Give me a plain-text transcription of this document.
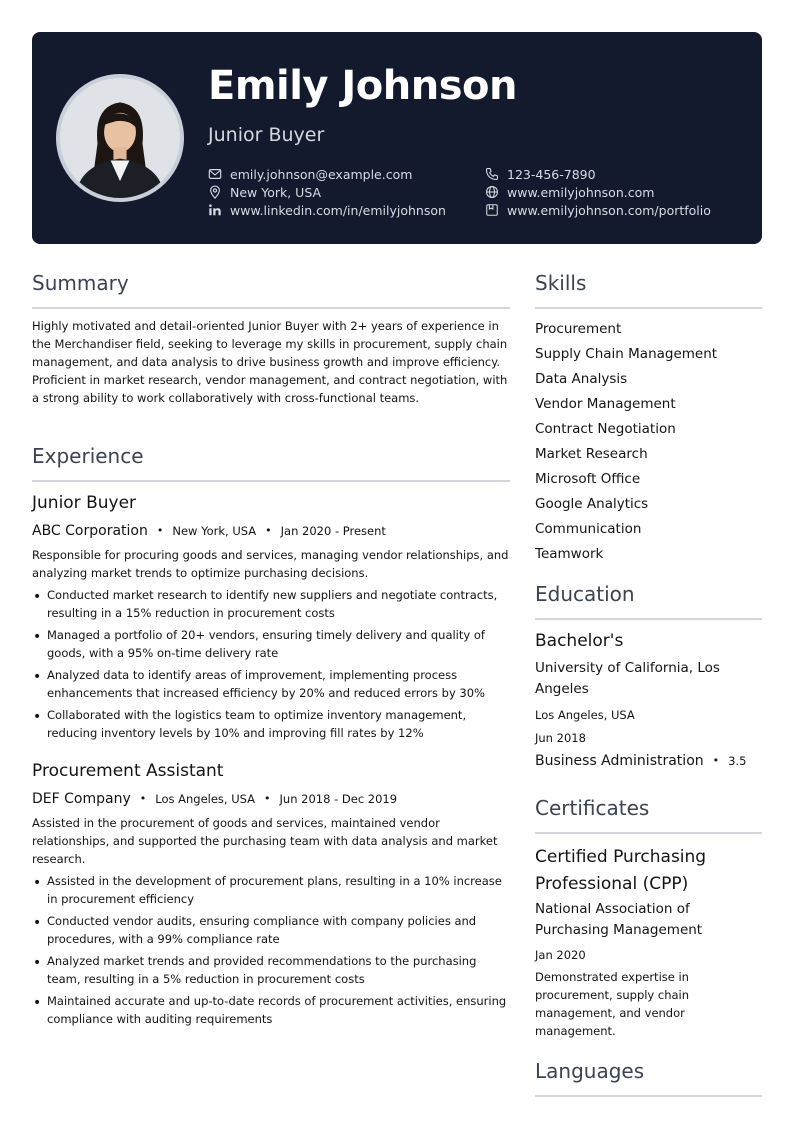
Emily Johnson
Junior Buyer
emily.johnson@example.com
New York, USA
www.linkedin.com/in/emilyjohnson
123-456-7890
www.emilyjohnson.com
www.emilyjohnson.com/portfolio
Summary
Highly motivated and detail-oriented Junior Buyer with 2+ years of experience in the Merchandiser field, seeking to leverage my skills in procurement, supply chain management, and data analysis to drive business growth and improve efficiency. Proficient in market research, vendor management, and contract negotiation, with a strong ability to work collaboratively with cross-functional teams.
Experience
Junior Buyer
ABC Corporation • New York, USA • Jan 2020 - Present
Responsible for procuring goods and services, managing vendor relationships, and analyzing market trends to optimize purchasing decisions.
• Conducted market research to identify new suppliers and negotiate contracts, resulting in a 15% reduction in procurement costs
• Managed a portfolio of 20+ vendors, ensuring timely delivery and quality of goods, with a 95% on-time delivery rate
• Analyzed data to identify areas of improvement, implementing process enhancements that increased efficiency by 20% and reduced errors by 30%
• Collaborated with the logistics team to optimize inventory management, reducing inventory levels by 10% and improving fill rates by 12%
Procurement Assistant
DEF Company • Los Angeles, USA • Jun 2018 - Dec 2019
Assisted in the procurement of goods and services, maintained vendor relationships, and supported the purchasing team with data analysis and market research.
• Assisted in the development of procurement plans, resulting in a 10% increase in procurement efficiency
• Conducted vendor audits, ensuring compliance with company policies and procedures, with a 99% compliance rate
• Analyzed market trends and provided recommendations to the purchasing team, resulting in a 5% reduction in procurement costs
• Maintained accurate and up-to-date records of procurement activities, ensuring compliance with auditing requirements
Skills
Procurement
Supply Chain Management
Data Analysis
Vendor Management
Contract Negotiation
Market Research
Microsoft Office
Google Analytics
Communication
Teamwork
Education
Bachelor's
University of California, Los Angeles
Los Angeles, USA
Jun 2018
Business Administration • 3.5
Certificates
Certified Purchasing Professional (CPP)
National Association of Purchasing Management
Jan 2020
Demonstrated expertise in procurement, supply chain management, and vendor management.
Languages
